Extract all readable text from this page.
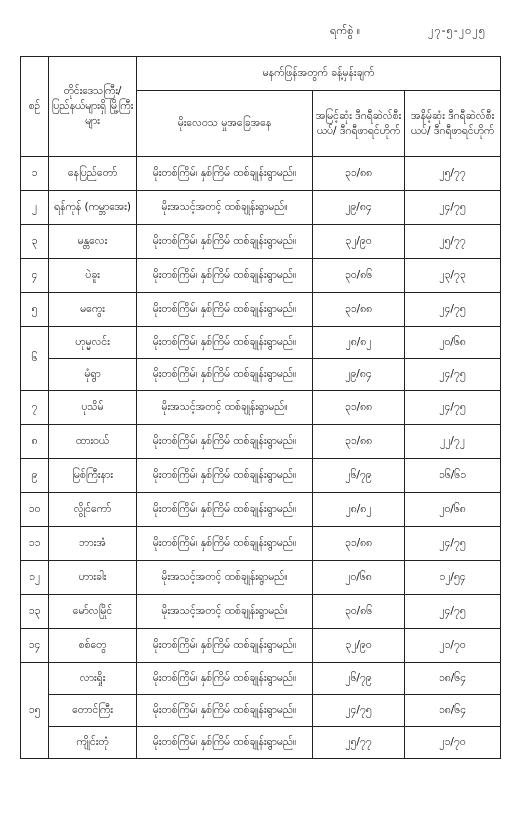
ရက်စွဲ ။	၂၇-၅-၂၀၂၅
စဉ်	တိုင်းဒေသကြီး/ ပြည်နယ်များရှိ မြို့ကြီးများ	မနက်ဖြန်အတွက် ခန့်မှန်းချက်		
		မိုးလေဝသ မှုအခြေအနေ	အမြင့်ဆုံး ဒီဂရီဆဲလ်စီးယပ်/ ဒီဂရီဖာရင်ဟိုက်	အနိမ့်ဆုံး ဒီဂရီဆဲလ်စီးယပ်/ ဒီဂရီဖာရင်ဟိုက်
၁	နေပြည်တော်	မိုးတစ်ကြိမ်၊ နှစ်ကြိမ် ထစ်ချုန်းရွာမည်။	၃၁/၈၈	၂၅/၇၇
၂	ရန်ကုန် (ကမ္ဘာအေး)	မိုးအသင့်အတင့် ထစ်ချုန်းရွာမည်။	၂၉/၈၄	၂၄/၇၅
၃	မန္တလေး	မိုးတစ်ကြိမ်၊ နှစ်ကြိမ် ထစ်ချုန်းရွာမည်။	၃၂/၉၀	၂၅/၇၇
၄	ပဲခူး	မိုးတစ်ကြိမ်၊ နှစ်ကြိမ် ထစ်ချုန်းရွာမည်။	၃၀/၈၆	၂၃/၇၃
၅	မကွေး	မိုးတစ်ကြိမ်၊ နှစ်ကြိမ် ထစ်ချုန်းရွာမည်။	၃၁/၈၈	၂၄/၇၅
၆	ဟုမ္မလင်း	မိုးတစ်ကြိမ်၊ နှစ်ကြိမ် ထစ်ချုန်းရွာမည်။	၂၈/၈၂	၂၀/၆၈
	မုံရွာ	မိုးတစ်ကြိမ်၊ နှစ်ကြိမ် ထစ်ချုန်းရွာမည်။	၂၉/၈၄	၂၄/၇၅
၇	ပုသိမ်	မိုးအသင့်အတင့် ထစ်ချုန်းရွာမည်။	၃၁/၈၈	၂၄/၇၅
၈	ထားဝယ်	မိုးတစ်ကြိမ်၊ နှစ်ကြိမ် ထစ်ချုန်းရွာမည်။	၃၁/၈၈	၂၂/၇၂
၉	မြစ်ကြီးနား	မိုးတစ်ကြိမ်၊ နှစ်ကြိမ် ထစ်ချုန်းရွာမည်။	၂၆/၇၉	၁၆/၆၁
၁၀	လွိုင်ကော်	မိုးတစ်ကြိမ်၊ နှစ်ကြိမ် ထစ်ချုန်းရွာမည်။	၂၈/၈၂	၂၀/၆၈
၁၁	ဘားအံ	မိုးတစ်ကြိမ်၊ နှစ်ကြိမ် ထစ်ချုန်းရွာမည်။	၃၁/၈၈	၂၄/၇၅
၁၂	ဟားခါး	မိုးအသင့်အတင့် ထစ်ချုန်းရွာမည်။	၂၀/၆၈	၁၂/၅၄
၁၃	မော်လမြိုင်	မိုးအသင့်အတင့် ထစ်ချုန်းရွာမည်။	၃၀/၈၆	၂၄/၇၅
၁၄	စစ်တွေ	မိုးတစ်ကြိမ်၊ နှစ်ကြိမ် ထစ်ချုန်းရွာမည်။	၃၂/၉၀	၂၁/၇၀
၁၅	လားရှိုး	မိုးတစ်ကြိမ်၊ နှစ်ကြိမ် ထစ်ချုန်းရွာမည်။	၂၆/၇၉	၁၈/၆၄
	တောင်ကြီး	မိုးတစ်ကြိမ်၊ နှစ်ကြိမ် ထစ်ချုန်းရွာမည်။	၂၄/၇၅	၁၈/၆၄
	ကျိုင်းတုံ	မိုးတစ်ကြိမ်၊ နှစ်ကြိမ် ထစ်ချုန်းရွာမည်။	၂၅/၇၇	၂၁/၇၀
